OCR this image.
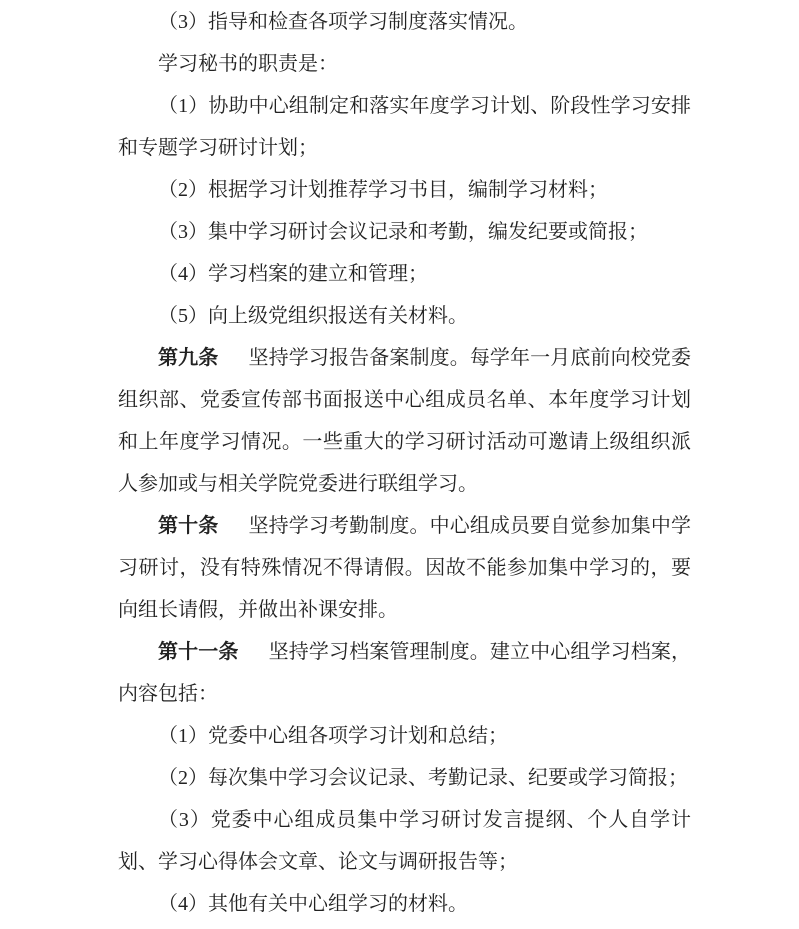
（3）指导和检查各项学习制度落实情况。

学习秘书的职责是：

（1）协助中心组制定和落实年度学习计划、阶段性学习安排和专题学习研讨计划；

（2）根据学习计划推荐学习书目，编制学习材料；

（3）集中学习研讨会议记录和考勤，编发纪要或简报；

（4）学习档案的建立和管理；

（5）向上级党组织报送有关材料。

第九条　坚持学习报告备案制度。每学年一月底前向校党委组织部、党委宣传部书面报送中心组成员名单、本年度学习计划和上年度学习情况。一些重大的学习研讨活动可邀请上级组织派人参加或与相关学院党委进行联组学习。

第十条　坚持学习考勤制度。中心组成员要自觉参加集中学习研讨，没有特殊情况不得请假。因故不能参加集中学习的，要向组长请假，并做出补课安排。

第十一条　坚持学习档案管理制度。建立中心组学习档案，内容包括：

（1）党委中心组各项学习计划和总结；

（2）每次集中学习会议记录、考勤记录、纪要或学习简报；

（3）党委中心组成员集中学习研讨发言提纲、个人自学计划、学习心得体会文章、论文与调研报告等；

（4）其他有关中心组学习的材料。
